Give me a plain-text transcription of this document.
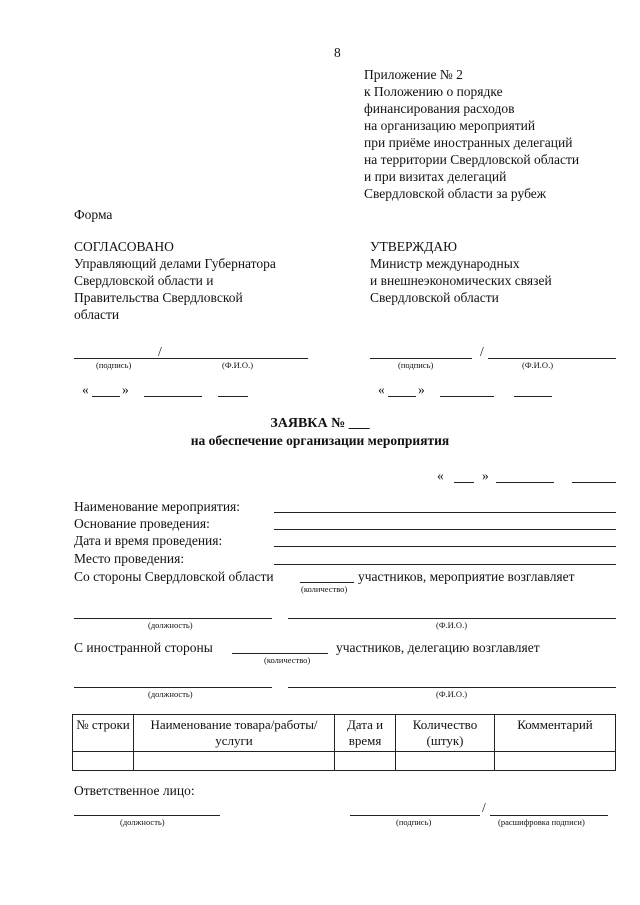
8
Приложение № 2
к Положению о порядке
финансирования расходов
на организацию мероприятий
при приёме иностранных делегаций
на территории Свердловской области
и при визитах делегаций
Свердловской области за рубеж
Форма
СОГЛАСОВАНО
Управляющий делами Губернатора
Свердловской области и
Правительства Свердловской
области
УТВЕРЖДАЮ
Министр международных
и внешнеэкономических связей
Свердловской области
/
(подпись)	(Ф.И.О.)
/
(подпись)	(Ф.И.О.)
« »	« »
ЗАЯВКА № ___
на обеспечение организации мероприятия
«	»
Наименование мероприятия:
Основание проведения:
Дата и время проведения:
Место проведения:
Со стороны Свердловской области	участников, мероприятие возглавляет
(количество)
(должность)	(Ф.И.О.)
С иностранной стороны	участников, делегацию возглавляет
(количество)
(должность)	(Ф.И.О.)
№ строки	Наименование товара/работы/ услуги	Дата и время	Количество (штук)	Комментарий

Ответственное лицо:
(должность)
/
(подпись)	(расшифровка подписи)
